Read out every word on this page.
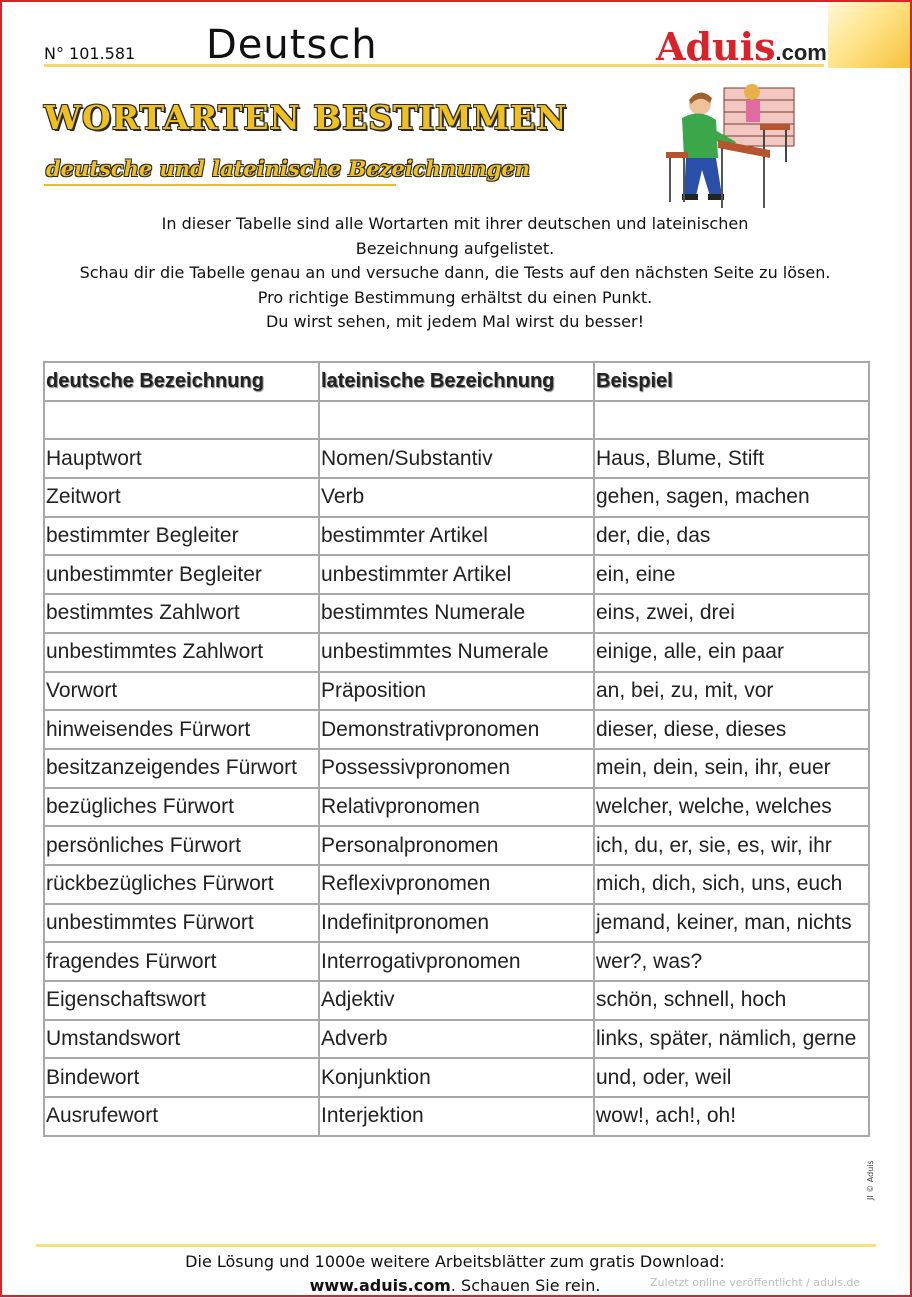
N° 101.581 Deutsch	Aduis.com
WORTARTEN BESTIMMEN
deutsche und lateinische Bezeichnungen
In dieser Tabelle sind alle Wortarten mit ihrer deutschen und lateinischen
Bezeichnung aufgelistet.
Schau dir die Tabelle genau an und versuche dann, die Tests auf den nächsten Seite zu lösen.
Pro richtige Bestimmung erhältst du einen Punkt.
Du wirst sehen, mit jedem Mal wirst du besser!
deutsche Bezeichnung	lateinische Bezeichnung	Beispiel

Hauptwort	Nomen/Substantiv	Haus, Blume, Stift
Zeitwort	Verb	gehen, sagen, machen
bestimmter Begleiter	bestimmter Artikel	der, die, das
unbestimmter Begleiter	unbestimmter Artikel	ein, eine
bestimmtes Zahlwort	bestimmtes Numerale	eins, zwei, drei
unbestimmtes Zahlwort	unbestimmtes Numerale	einige, alle, ein paar
Vorwort	Präposition	an, bei, zu, mit, vor
hinweisendes Fürwort	Demonstrativpronomen	dieser, diese, dieses
besitzanzeigendes Fürwort	Possessivpronomen	mein, dein, sein, ihr, euer
bezügliches Fürwort	Relativpronomen	welcher, welche, welches
persönliches Fürwort	Personalpronomen	ich, du, er, sie, es, wir, ihr
rückbezügliches Fürwort	Reflexivpronomen	mich, dich, sich, uns, euch
unbestimmtes Fürwort	Indefinitpronomen	jemand, keiner, man, nichts
fragendes Fürwort	Interrogativpronomen	wer?, was?
Eigenschaftswort	Adjektiv	schön, schnell, hoch
Umstandswort	Adverb	links, später, nämlich, gerne
Bindewort	Konjunktion	und, oder, weil
Ausrufewort	Interjektion	wow!, ach!, oh!
JI © Aduis
Die Lösung und 1000e weitere Arbeitsblätter zum gratis Download:
www.aduis.com. Schauen Sie rein.	Zuletzt online veröffentlicht / aduis.de
